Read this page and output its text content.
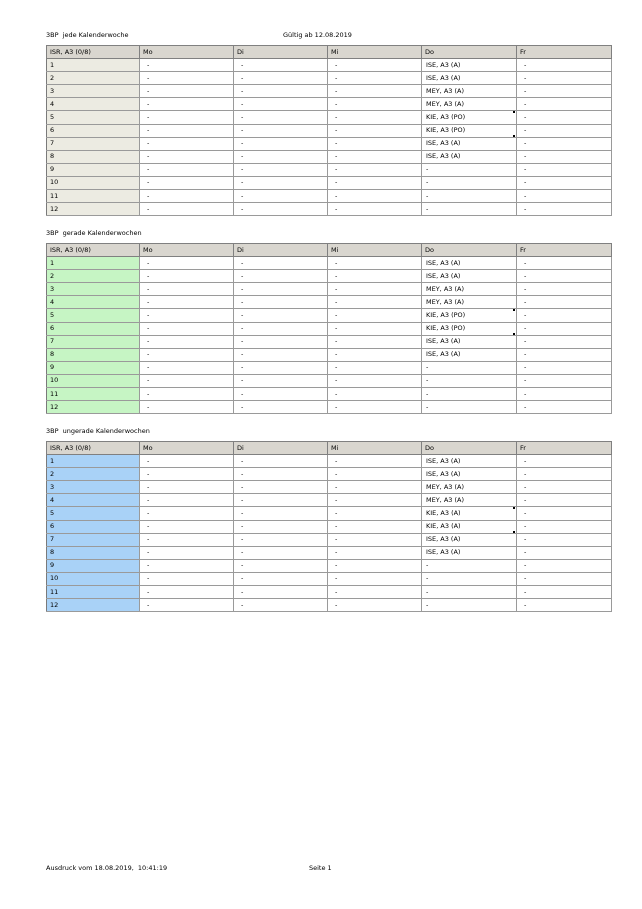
3BP  jede Kalenderwoche	Gültig ab 12.08.2019
ISR, A3 (0/8)	Mo	Di	Mi	Do	Fr
1	-	-	-	ISE, A3 (A)	-
2	-	-	-	ISE, A3 (A)	-
3	-	-	-	MEY, A3 (A)	-
4	-	-	-	MEY, A3 (A)	-
5	-	-	-	KIE, A3 (PO)	-
6	-	-	-	KIE, A3 (PO)	-
7	-	-	-	ISE, A3 (A)	-
8	-	-	-	ISE, A3 (A)	-
9	-	-	-	-	-
10	-	-	-	-	-
11	-	-	-	-	-
12	-	-	-	-	-
3BP  gerade Kalenderwochen
ISR, A3 (0/8)	Mo	Di	Mi	Do	Fr
1	-	-	-	ISE, A3 (A)	-
2	-	-	-	ISE, A3 (A)	-
3	-	-	-	MEY, A3 (A)	-
4	-	-	-	MEY, A3 (A)	-
5	-	-	-	KIE, A3 (PO)	-
6	-	-	-	KIE, A3 (PO)	-
7	-	-	-	ISE, A3 (A)	-
8	-	-	-	ISE, A3 (A)	-
9	-	-	-	-	-
10	-	-	-	-	-
11	-	-	-	-	-
12	-	-	-	-	-
3BP  ungerade Kalenderwochen
ISR, A3 (0/8)	Mo	Di	Mi	Do	Fr
1	-	-	-	ISE, A3 (A)	-
2	-	-	-	ISE, A3 (A)	-
3	-	-	-	MEY, A3 (A)	-
4	-	-	-	MEY, A3 (A)	-
5	-	-	-	KIE, A3 (A)	-
6	-	-	-	KIE, A3 (A)	-
7	-	-	-	ISE, A3 (A)	-
8	-	-	-	ISE, A3 (A)	-
9	-	-	-	-	-
10	-	-	-	-	-
11	-	-	-	-	-
12	-	-	-	-	-
Ausdruck vom 18.08.2019,  10:41:19	Seite 1
